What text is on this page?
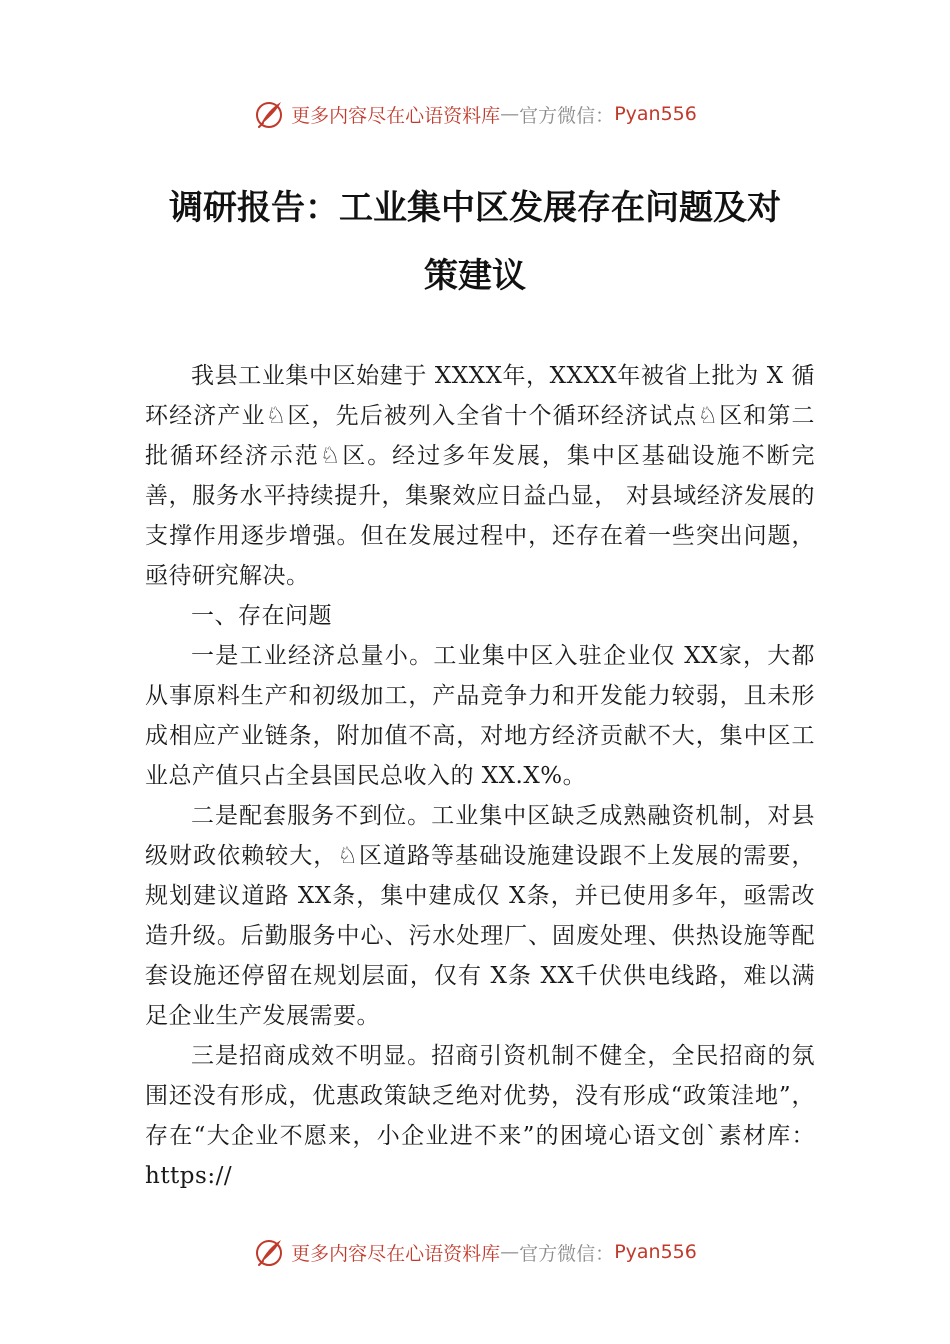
更多内容尽在心语资料库 — 官方微信： Pyan556
调研报告：工业集中区发展存在问题及对
策建议

我县工业集中区始建于 XXXX年，XXXX年被省上批为 X 循环经济产业♘区，先后被列入全省十个循环经济试点♘区和第二批循环经济示范♘区。经过多年发展，集中区基础设施不断完善，服务水平持续提升，集聚效应日益凸显， 对县域经济发展的支撑作用逐步增强。但在发展过程中，还存在着一些突出问题，亟待研究解决。

一、存在问题

一是工业经济总量小。工业集中区入驻企业仅 XX家，大都从事原料生产和初级加工，产品竞争力和开发能力较弱，且未形成相应产业链条，附加值不高，对地方经济贡献不大，集中区工业总产值只占全县国民总收入的 XX.X%。

二是配套服务不到位。工业集中区缺乏成熟融资机制，对县级财政依赖较大，♘区道路等基础设施建设跟不上发展的需要，规划建议道路 XX条，集中建成仅 X条，并已使用多年，亟需改造升级。后勤服务中心、污水处理厂、固废处理、供热设施等配套设施还停留在规划层面，仅有 X条 XX千伏供电线路，难以满足企业生产发展需要。

三是招商成效不明显。招商引资机制不健全，全民招商的氛围还没有形成，优惠政策缺乏绝对优势，没有形成“政策洼地”，存在“大企业不愿来，小企业进不来”的困境心语文创`素材库：https://

更多内容尽在心语资料库 — 官方微信： Pyan556
